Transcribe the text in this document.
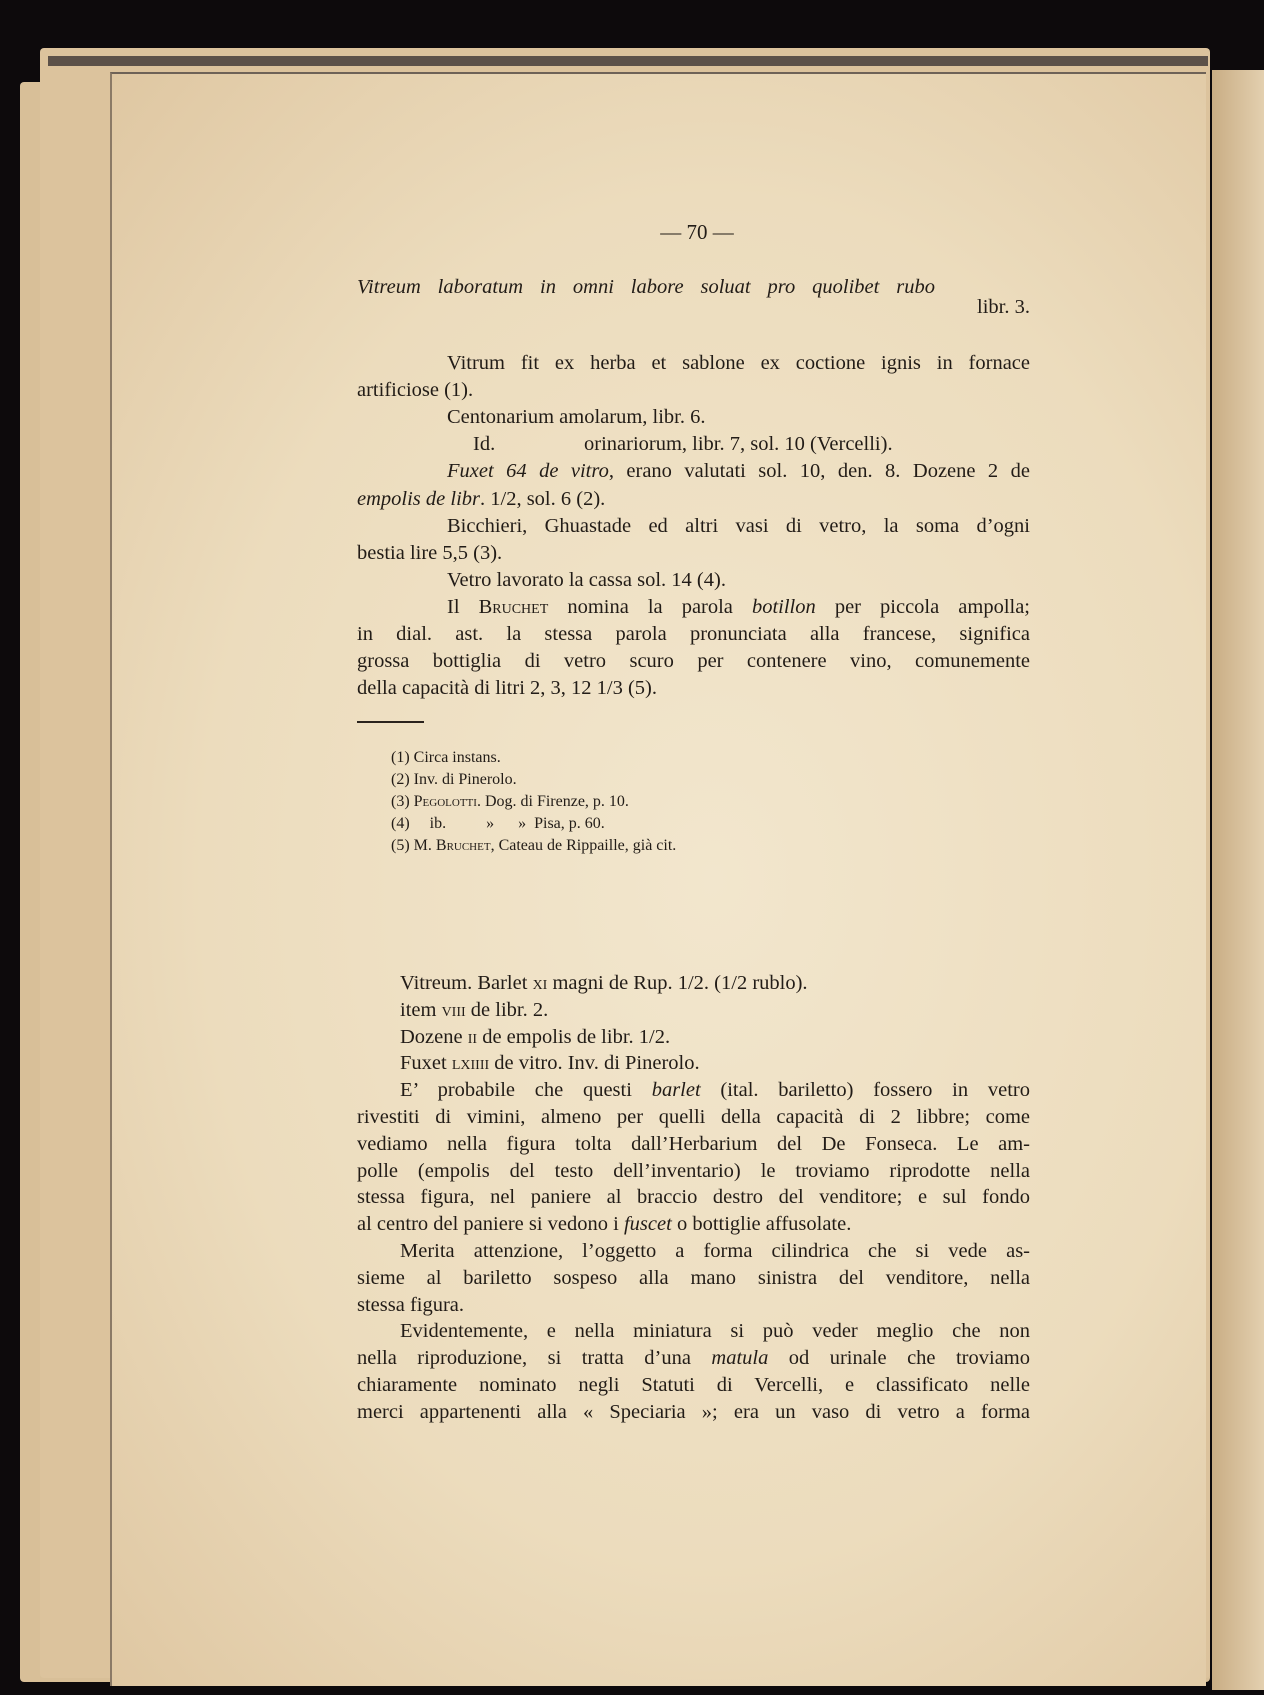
— 70 —
Vitreum laboratum in omni labore soluat pro quolibet rubo
libr. 3.
Vitrum fit ex herba et sablone ex coctione ignis in fornace
artificiose (1).
Centonarium amolarum, libr. 6.
Id.	orinariorum, libr. 7, sol. 10 (Vercelli).
Fuxet 64 de vitro, erano valutati sol. 10, den. 8. Dozene 2 de
empolis de libr. 1/2, sol. 6 (2).
Bicchieri, Ghuastade ed altri vasi di vetro, la soma d’ogni
bestia lire 5,5 (3).
Vetro lavorato la cassa sol. 14 (4).
Il Bruchet nomina la parola botillon per piccola ampolla;
in dial. ast. la stessa parola pronunciata alla francese, significa
grossa bottiglia di vetro scuro per contenere vino, comunemente
della capacità di litri 2, 3, 12 1/3 (5).
(1) Circa instans.
(2) Inv. di Pinerolo.
(3) Pegolotti. Dog. di Firenze, p. 10.
(4)     ib.          »      »  Pisa, p. 60.
(5) M. Bruchet, Cateau de Rippaille, già cit.
Vitreum. Barlet xi magni de Rup. 1/2. (1/2 rublo).
item viii de libr. 2.
Dozene ii de empolis de libr. 1/2.
Fuxet lxiiii de vitro. Inv. di Pinerolo.
E’ probabile che questi barlet (ital. bariletto) fossero in vetro
rivestiti di vimini, almeno per quelli della capacità di 2 libbre; come
vediamo nella figura tolta dall’Herbarium del De Fonseca. Le am-
polle (empolis del testo dell’inventario) le troviamo riprodotte nella
stessa figura, nel paniere al braccio destro del venditore; e sul fondo
al centro del paniere si vedono i fuscet o bottiglie affusolate.
Merita attenzione, l’oggetto a forma cilindrica che si vede as-
sieme al bariletto sospeso alla mano sinistra del venditore, nella
stessa figura.
Evidentemente, e nella miniatura si può veder meglio che non
nella riproduzione, si tratta d’una matula od urinale che troviamo
chiaramente nominato negli Statuti di Vercelli, e classificato nelle
merci appartenenti alla « Speciaria »; era un vaso di vetro a forma
